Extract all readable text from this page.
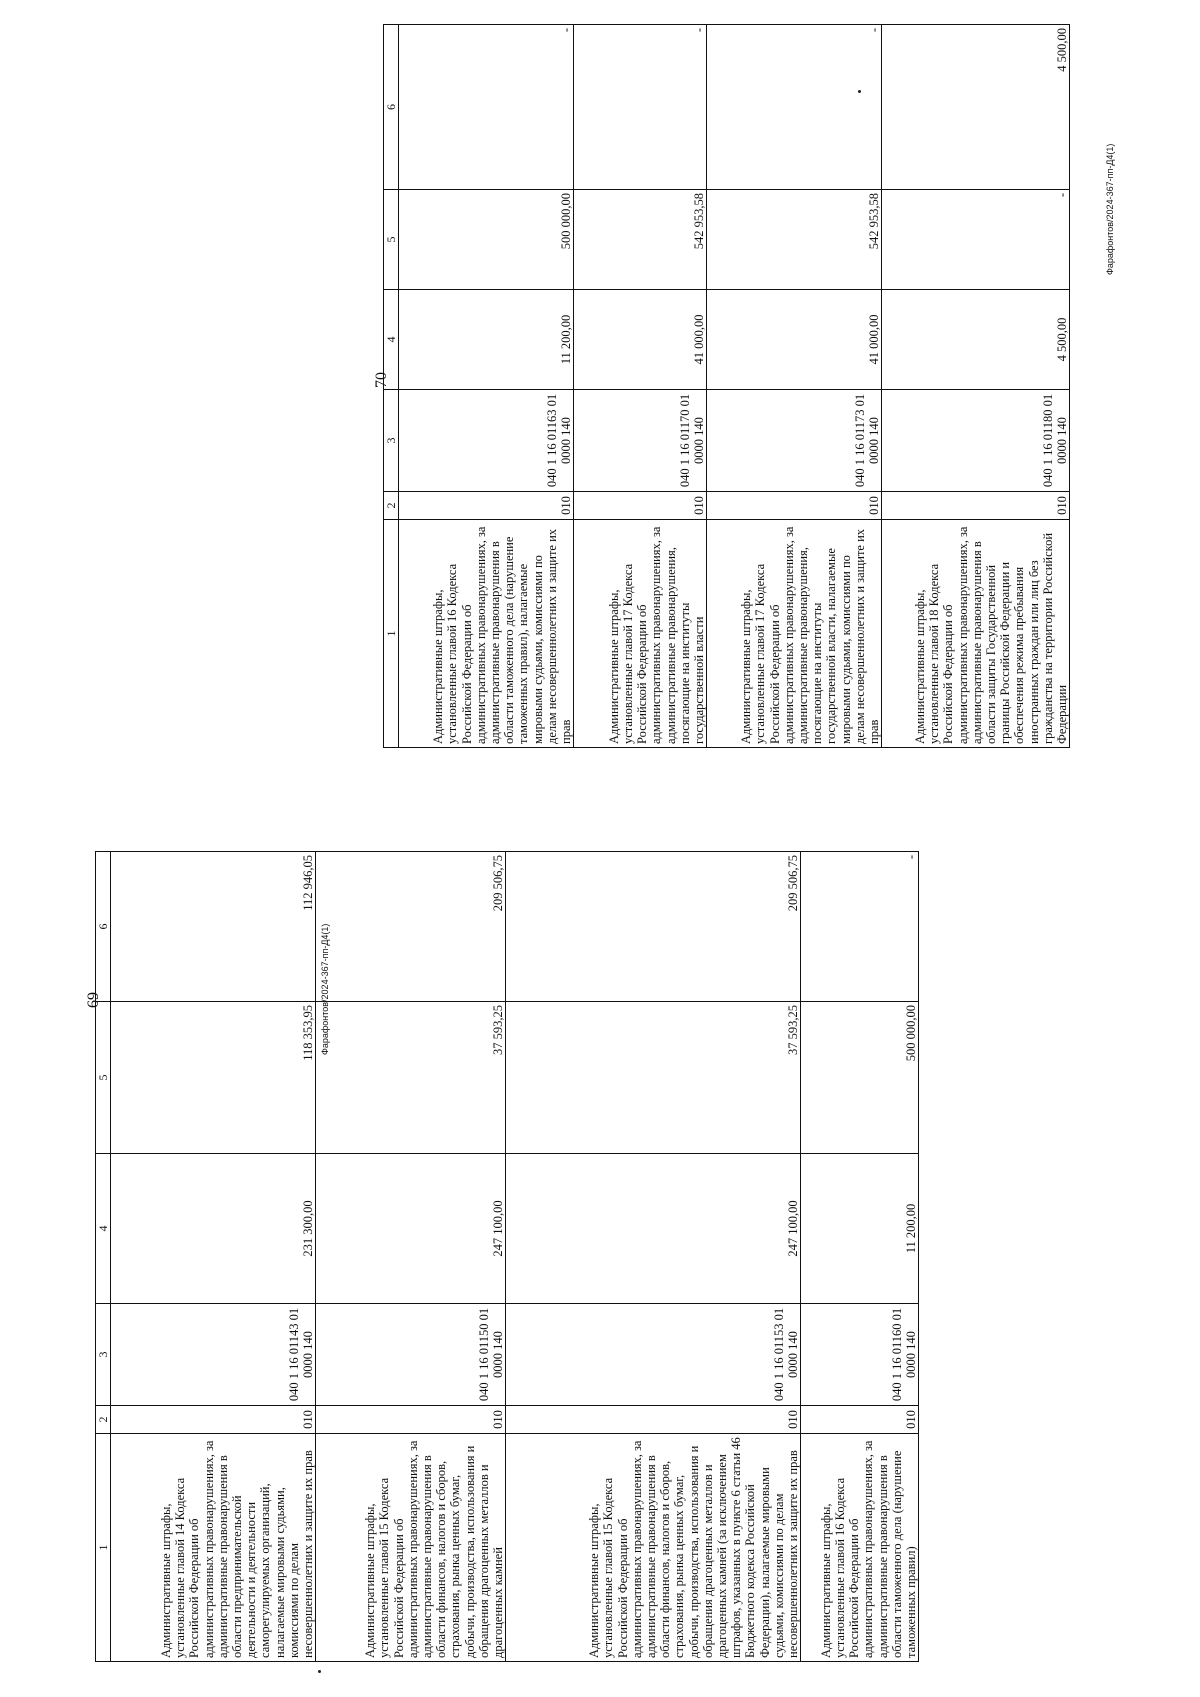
69
1	2	3	4	5	6
Административные штрафы, установленные главой 14 Кодекса Российской Федерации об административных правонарушениях, за административные правонарушения в области предпринимательской деятельности и деятельности саморегулируемых организаций, налагаемые мировыми судьями, комиссиями по делам несовершеннолетних и защите их прав	010	040 1 16 01143 01 0000 140	231 300,00	118 353,95	112 946,05
Административные штрафы, установленные главой 15 Кодекса Российской Федерации об административных правонарушениях, за административные правонарушения в области финансов, налогов и сборов, страхования, рынка ценных бумаг, добычи, производства, использования и обращения драгоценных металлов и драгоценных камней	010	040 1 16 01150 01 0000 140	247 100,00	37 593,25	209 506,75
Административные штрафы, установленные главой 15 Кодекса Российской Федерации об административных правонарушениях, за административные правонарушения в области финансов, налогов и сборов, страхования, рынка ценных бумаг, добычи, производства, использования и обращения драгоценных металлов и драгоценных камней (за исключением штрафов, указанных в пункте 6 статьи 46 Бюджетного кодекса Российской Федерации), налагаемые мировыми судьями, комиссиями по делам несовершеннолетних и защите их прав	010	040 1 16 01153 01 0000 140	247 100,00	37 593,25	209 506,75
Административные штрафы, установленные главой 16 Кодекса Российской Федерации об административных правонарушениях, за административные правонарушения в области таможенного дела (нарушение таможенных правил)	010	040 1 16 01160 01 0000 140	11 200,00	500 000,00	-
Фарафонтов/2024-367-пп-Д4(1)
70
1	2	3	4	5	6
Административные штрафы, установленные главой 16 Кодекса Российской Федерации об административных правонарушениях, за административные правонарушения в области таможенного дела (нарушение таможенных правил), налагаемые мировыми судьями, комиссиями по делам несовершеннолетних и защите их прав	010	040 1 16 01163 01 0000 140	11 200,00	500 000,00	-
Административные штрафы, установленные главой 17 Кодекса Российской Федерации об административных правонарушениях, за административные правонарушения, посягающие на институты государственной власти	010	040 1 16 01170 01 0000 140	41 000,00	542 953,58	-
Административные штрафы, установленные главой 17 Кодекса Российской Федерации об административных правонарушениях, за административные правонарушения, посягающие на институты государственной власти, налагаемые мировыми судьями, комиссиями по делам несовершеннолетних и защите их прав	010	040 1 16 01173 01 0000 140	41 000,00	542 953,58	-
Административные штрафы, установленные главой 18 Кодекса Российской Федерации об административных правонарушениях, за административные правонарушения в области защиты Государственной границы Российской Федерации и обеспечения режима пребывания иностранных граждан или лиц без гражданства на территории Российской Федерации	010	040 1 16 01180 01 0000 140	4 500,00	-	4 500,00
Фарафонтов/2024-367-пп-Д4(1)
